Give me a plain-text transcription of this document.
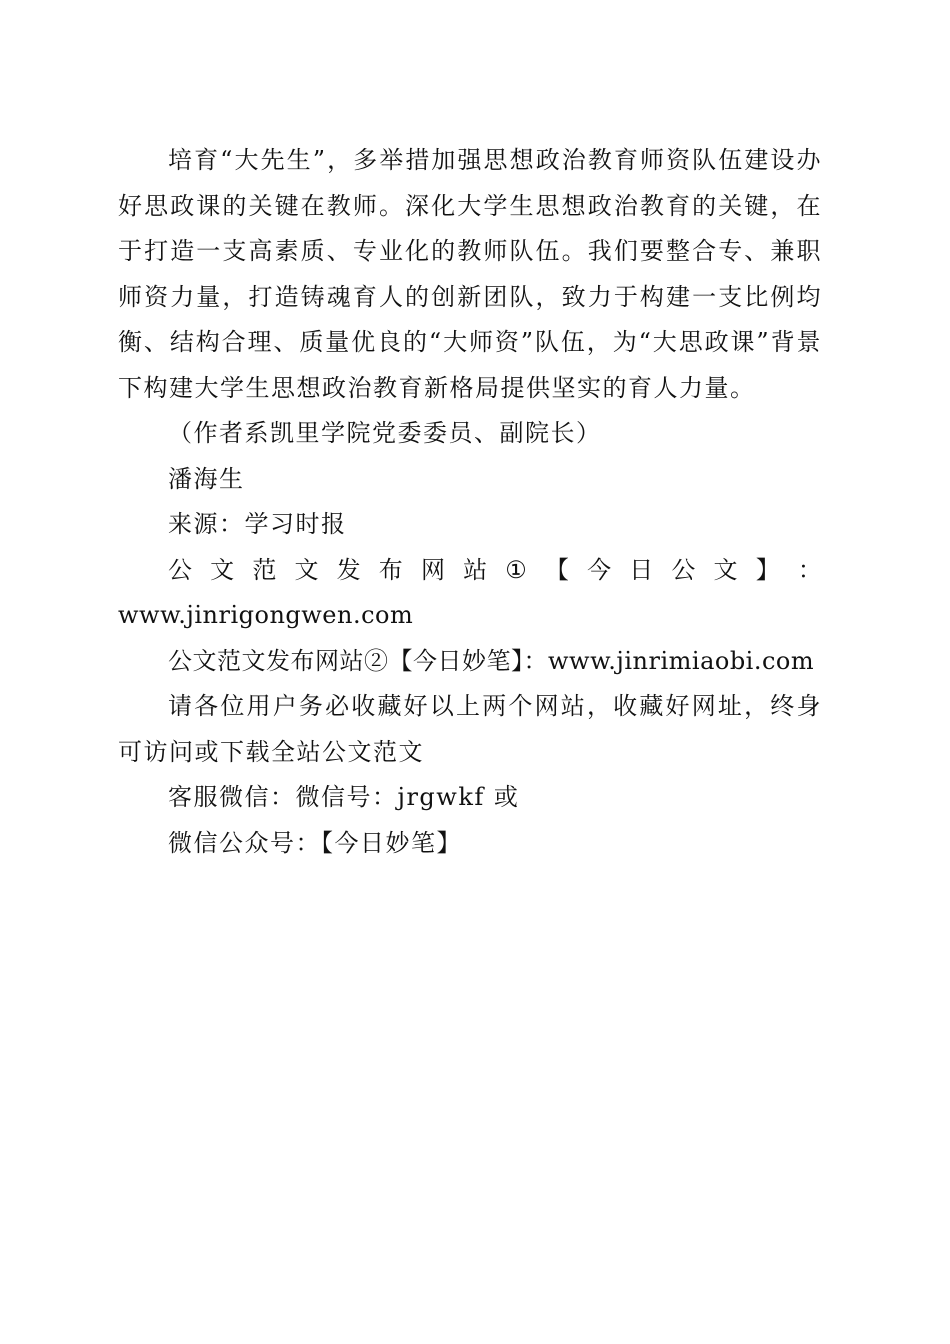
培育“大先生”，多举措加强思想政治教育师资队伍建设办好思政课的关键在教师。深化大学生思想政治教育的关键，在于打造一支高素质、专业化的教师队伍。我们要整合专、兼职师资力量，打造铸魂育人的创新团队，致力于构建一支比例均衡、结构合理、质量优良的“大师资”队伍，为“大思政课”背景下构建大学生思想政治教育新格局提供坚实的育人力量。

（作者系凯里学院党委委员、副院长）

潘海生

来源：学习时报

公 文 范 文 发 布 网 站 ① 【 今 日 公 文 】 ：

www.jinrigongwen.com

公文范文发布网站②【今日妙笔】：www.jinrimiaobi.com

请各位用户务必收藏好以上两个网站，收藏好网址，终身可访问或下载全站公文范文

客服微信：微信号：jrgwkf 或

微信公众号：【今日妙笔】
